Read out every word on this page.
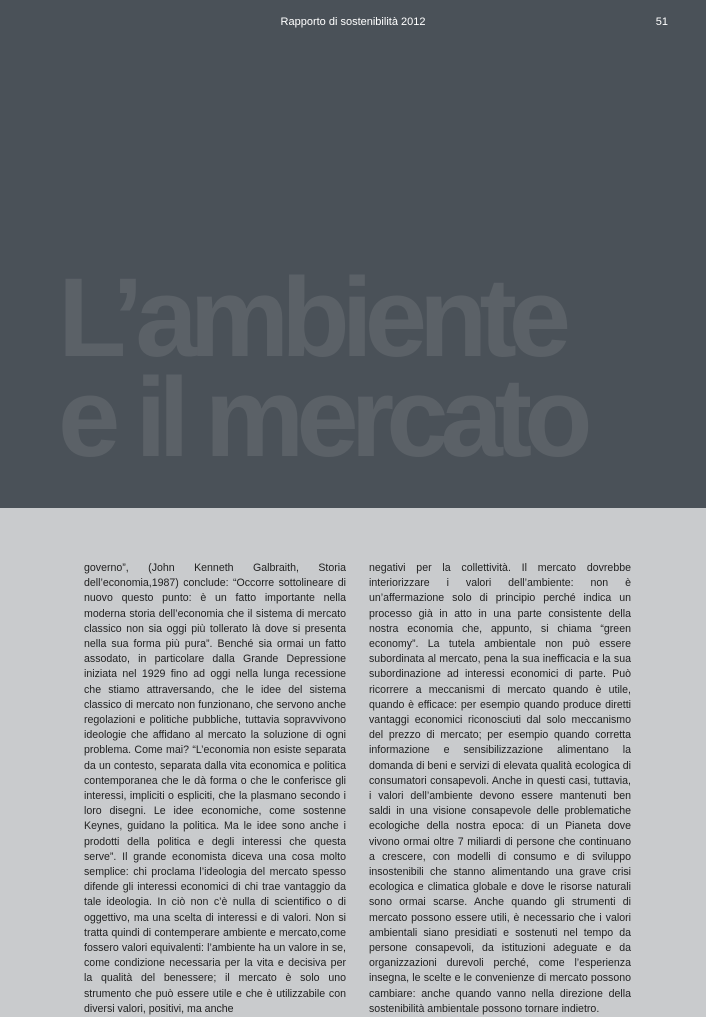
Rapporto di sostenibilità 2012	51
L’ambiente
e il mercato

governo”, (John Kenneth Galbraith, Storia dell’economia,1987) conclude: “Occorre sottolineare di nuovo questo punto: è un fatto importante nella moderna storia dell’economia che il sistema di mercato classico non sia oggi più tollerato là dove si presenta nella sua forma più pura”. Benché sia ormai un fatto assodato, in particolare dalla Grande Depressione iniziata nel 1929 fino ad oggi nella lunga recessione che stiamo attraversando, che le idee del sistema classico di mercato non funzionano, che servono anche regolazioni e politiche pubbliche, tuttavia sopravvivono ideologie che affidano al mercato la soluzione di ogni problema. Come mai? “L’economia non esiste separata da un contesto, separata dalla vita economica e politica contemporanea che le dà forma o che le conferisce gli interessi, impliciti o espliciti, che la plasmano secondo i loro disegni. Le idee economiche, come sostenne Keynes, guidano la politica. Ma le idee sono anche i prodotti della politica e degli interessi che questa serve”. Il grande economista diceva una cosa molto semplice: chi proclama l’ideologia del mercato spesso difende gli interessi economici di chi trae vantaggio da tale ideologia. In ciò non c’è nulla di scientifico o di oggettivo, ma una scelta di interessi e di valori. Non si tratta quindi di contemperare ambiente e mercato,come fossero valori equivalenti: l’ambiente ha un valore in se, come condizione necessaria per la vita e decisiva per la qualità del benessere; il mercato è solo uno strumento che può essere utile e che è utilizzabile con diversi valori, positivi, ma anche

negativi per la collettività. Il mercato dovrebbe interiorizzare i valori dell’ambiente: non è un’affermazione solo di principio perché indica un processo già in atto in una parte consistente della nostra economia che, appunto, si chiama “green economy”. La tutela ambientale non può essere subordinata al mercato, pena la sua inefficacia e la sua subordinazione ad interessi economici di parte. Può ricorrere a meccanismi di mercato quando è utile, quando è efficace: per esempio quando produce diretti vantaggi economici riconosciuti dal solo meccanismo del prezzo di mercato; per esempio quando corretta informazione e sensibilizzazione alimentano la domanda di beni e servizi di elevata qualità ecologica di consumatori consapevoli. Anche in questi casi, tuttavia, i valori dell’ambiente devono essere mantenuti ben saldi in una visione consapevole delle problematiche ecologiche della nostra epoca: di un Pianeta dove vivono ormai oltre 7 miliardi di persone che continuano a crescere, con modelli di consumo e di sviluppo insostenibili che stanno alimentando una grave crisi ecologica e climatica globale e dove le risorse naturali sono ormai scarse. Anche quando gli strumenti di mercato possono essere utili, è necessario che i valori ambientali siano presidiati e sostenuti nel tempo da persone consapevoli, da istituzioni adeguate e da organizzazioni durevoli perché, come l’esperienza insegna, le scelte e le convenienze di mercato possono cambiare: anche quando vanno nella direzione della sostenibilità ambientale possono tornare indietro.
